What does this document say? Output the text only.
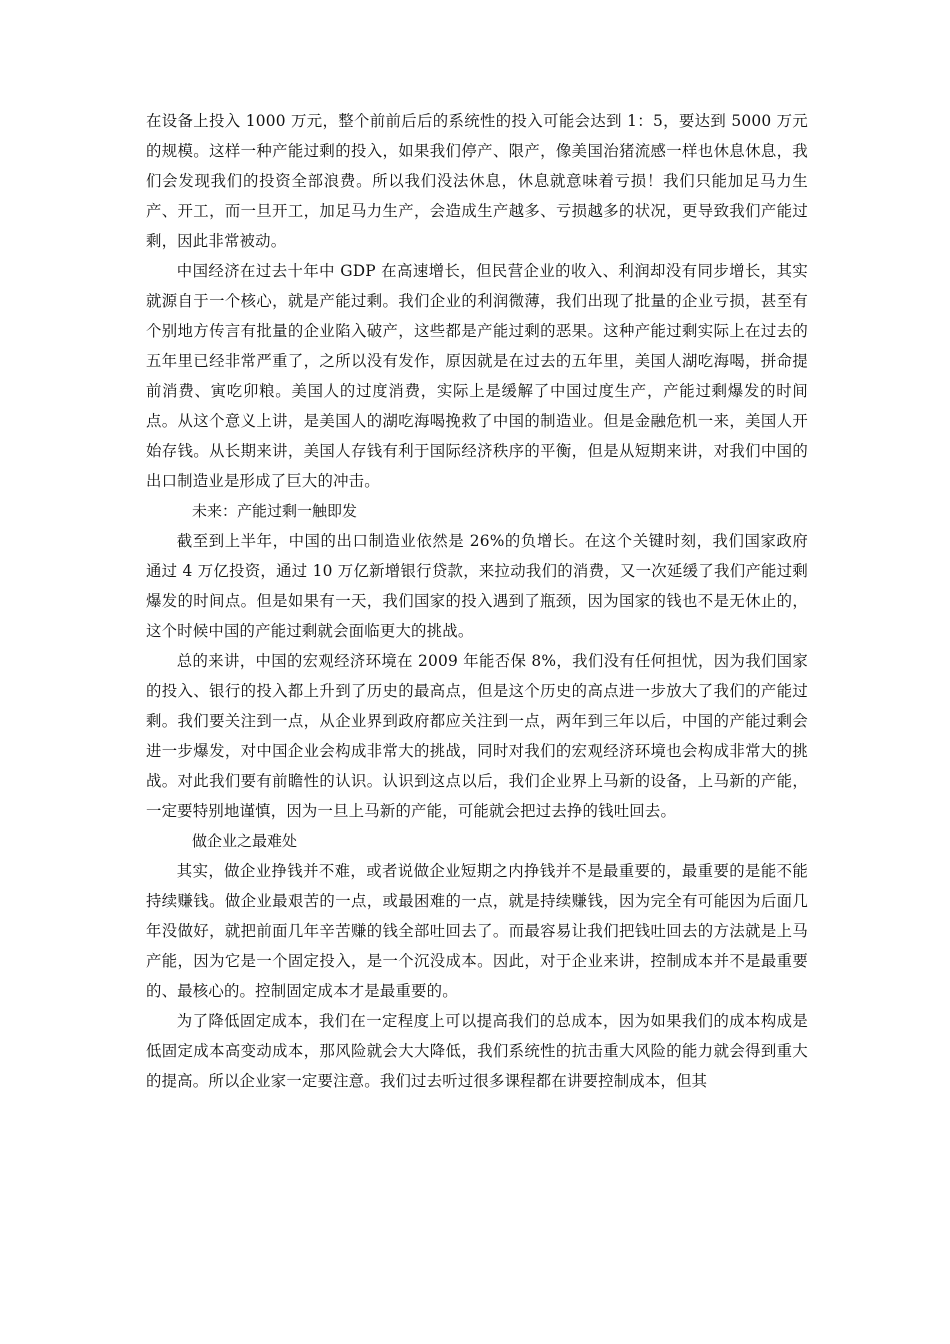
在设备上投入 1000 万元，整个前前后后的系统性的投入可能会达到 1：5，要达到 5000 万元的规模。这样一种产能过剩的投入，如果我们停产、限产，像美国治猪流感一样也休息休息，我们会发现我们的投资全部浪费。所以我们没法休息，休息就意味着亏损！我们只能加足马力生产、开工，而一旦开工，加足马力生产，会造成生产越多、亏损越多的状况，更导致我们产能过剩，因此非常被动。

中国经济在过去十年中 GDP 在高速增长，但民营企业的收入、利润却没有同步增长，其实就源自于一个核心，就是产能过剩。我们企业的利润微薄，我们出现了批量的企业亏损，甚至有个别地方传言有批量的企业陷入破产，这些都是产能过剩的恶果。这种产能过剩实际上在过去的五年里已经非常严重了，之所以没有发作，原因就是在过去的五年里，美国人湖吃海喝，拼命提前消费、寅吃卯粮。美国人的过度消费，实际上是缓解了中国过度生产，产能过剩爆发的时间点。从这个意义上讲，是美国人的湖吃海喝挽救了中国的制造业。但是金融危机一来，美国人开始存钱。从长期来讲，美国人存钱有利于国际经济秩序的平衡，但是从短期来讲，对我们中国的出口制造业是形成了巨大的冲击。

未来：产能过剩一触即发

截至到上半年，中国的出口制造业依然是 26%的负增长。在这个关键时刻，我们国家政府通过 4 万亿投资，通过 10 万亿新增银行贷款，来拉动我们的消费，又一次延缓了我们产能过剩爆发的时间点。但是如果有一天，我们国家的投入遇到了瓶颈，因为国家的钱也不是无休止的，这个时候中国的产能过剩就会面临更大的挑战。

总的来讲，中国的宏观经济环境在 2009 年能否保 8%，我们没有任何担忧，因为我们国家的投入、银行的投入都上升到了历史的最高点，但是这个历史的高点进一步放大了我们的产能过剩。我们要关注到一点，从企业界到政府都应关注到一点，两年到三年以后，中国的产能过剩会进一步爆发，对中国企业会构成非常大的挑战，同时对我们的宏观经济环境也会构成非常大的挑战。对此我们要有前瞻性的认识。认识到这点以后，我们企业界上马新的设备，上马新的产能，一定要特别地谨慎，因为一旦上马新的产能，可能就会把过去挣的钱吐回去。

做企业之最难处

其实，做企业挣钱并不难，或者说做企业短期之内挣钱并不是最重要的，最重要的是能不能持续赚钱。做企业最艰苦的一点，或最困难的一点，就是持续赚钱，因为完全有可能因为后面几年没做好，就把前面几年辛苦赚的钱全部吐回去了。而最容易让我们把钱吐回去的方法就是上马产能，因为它是一个固定投入，是一个沉没成本。因此，对于企业来讲，控制成本并不是最重要的、最核心的。控制固定成本才是最重要的。

为了降低固定成本，我们在一定程度上可以提高我们的总成本，因为如果我们的成本构成是低固定成本高变动成本，那风险就会大大降低，我们系统性的抗击重大风险的能力就会得到重大的提高。所以企业家一定要注意。我们过去听过很多课程都在讲要控制成本，但其
